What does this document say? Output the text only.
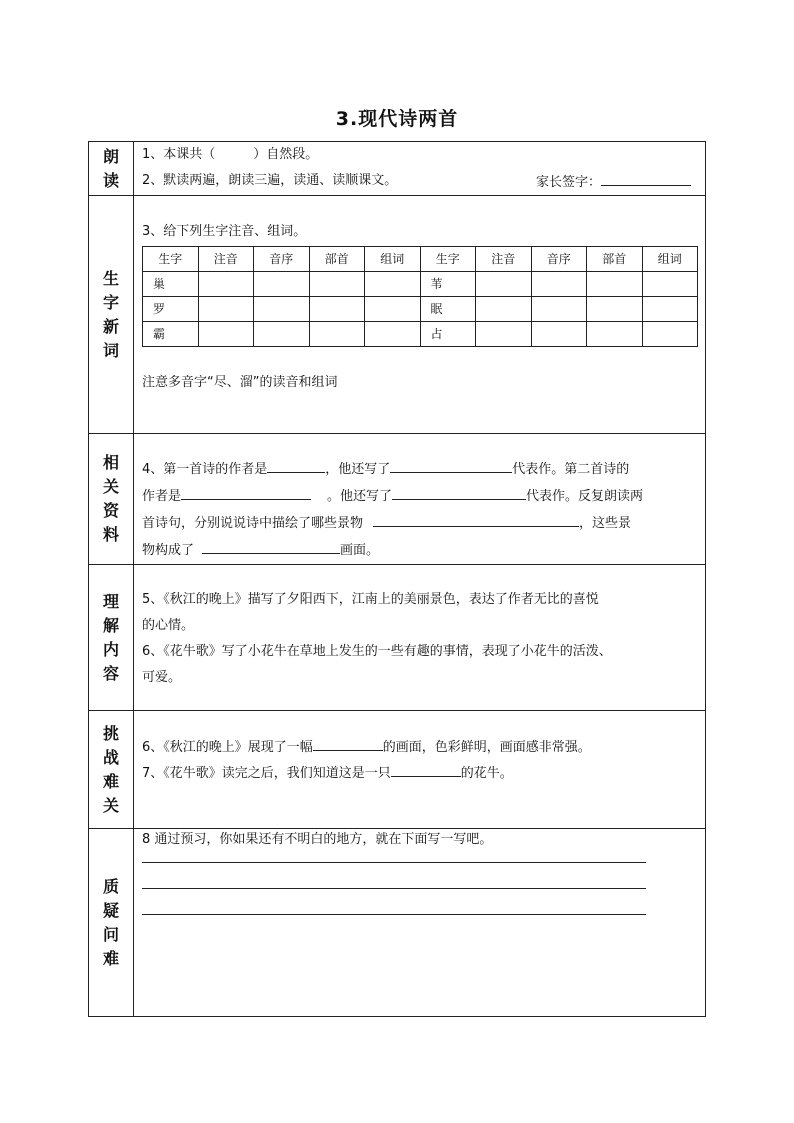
3.现代诗两首
朗读	
1、本课共（	）自然段。
2、默读两遍，朗读三遍，读通、读顺课文。	家长签字：

生字新词	
3、给下列生字注音、组词。
生字	注音	音序	部首	组词	生字	注音	音序	部首	组词
巢					苇				
罗					眠				
霸					占				
注意多音字“尽、溜”的读音和组词

相关资料	
4、第一首诗的作者是	，他还写了	代表作。第二首诗的
作者是	。他还写了	代表作。反复朗读两
首诗句，分别说说诗中描绘了哪些景物	，这些景
物构成了	画面。

理解内容	
5、《秋江的晚上》描写了夕阳西下，江南上的美丽景色，表达了作者无比的喜悦
的心情。
6、《花牛歌》写了小花牛在草地上发生的一些有趣的事情，表现了小花牛的活泼、
可爱。

挑战难关	
6、《秋江的晚上》展现了一幅	的画面，色彩鲜明，画面感非常强。
7、《花牛歌》读完之后，我们知道这是一只	的花牛。

质疑问难	
8 通过预习，你如果还有不明白的地方，就在下面写一写吧。
